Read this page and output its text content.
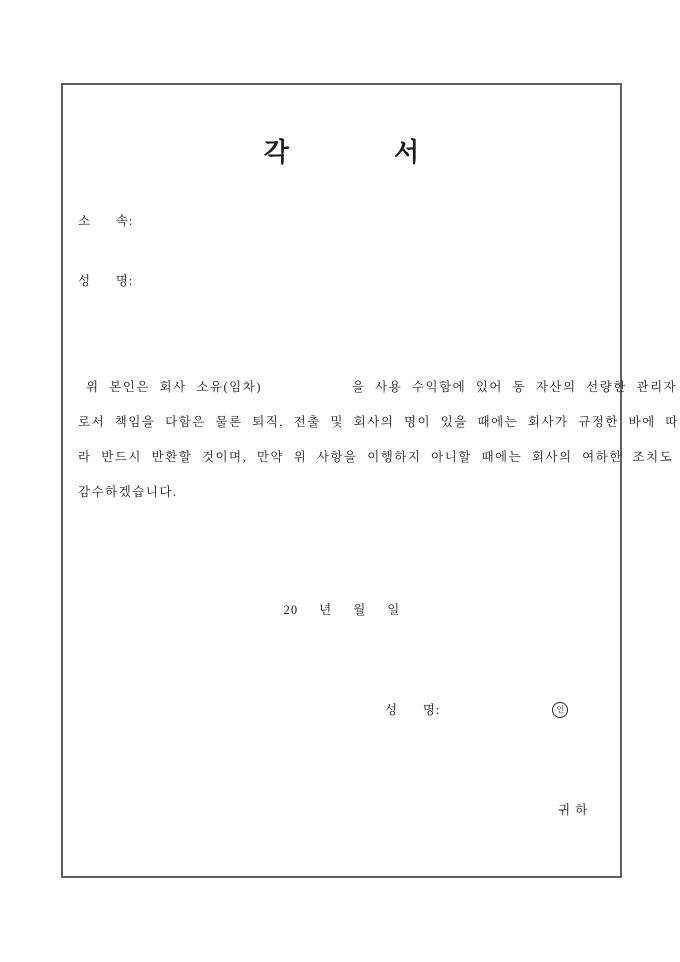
각	서
소      속:
성      명:
위 본인은 회사 소유(임차)	을 사용 수익함에 있어 동 자산의 선량한 관리자
로서 책임을 다함은 물론 퇴직, 전출 및 회사의 명이 있을 때에는 회사가 규정한 바에 따
라 반드시 반환할 것이며, 만약 위 사항을 이행하지 아니할 때에는 회사의 여하한 조치도
감수하겠습니다.
20 년 월 일
성      명:	인
귀 하
